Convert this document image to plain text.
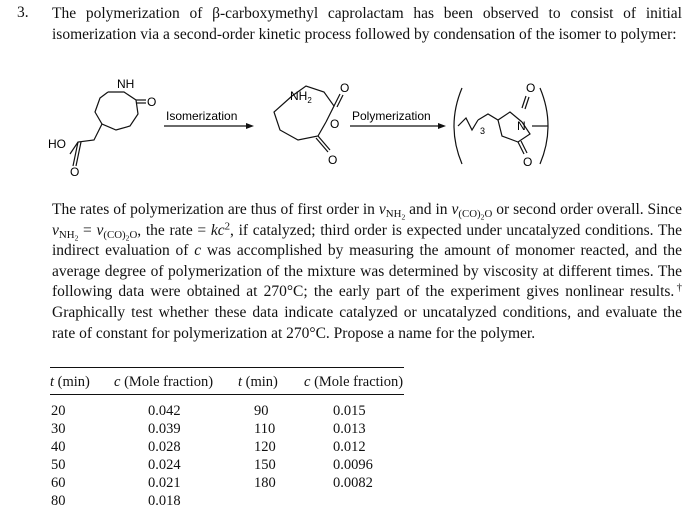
3. The polymerization of β-carboxymethyl caprolactam has been observed to consist of initial isomerization via a second-order kinetic process followed by condensation of the isomer to polymer:
NH
O
HO
O
Isomerization
$NH_2$
O
O
O
Polymerization
O
N
O
3
The rates of polymerization are thus of first order in $\nu_{NH_2}$ and in $\nu_{(CO)_2O}$ or second order overall. Since $\nu_{NH_2} = \nu_{(CO)_2O}$, the rate = $kc^2$, if catalyzed; third order is expected under uncatalyzed conditions. The indirect evaluation of c was accomplished by measuring the amount of monomer reacted, and the average degree of polymerization of the mixture was determined by viscosity at different times. The following data were obtained at 270°C; the early part of the experiment gives nonlinear results.† Graphically test whether these data indicate catalyzed or uncatalyzed conditions, and evaluate the rate of constant for polymerization at 270°C. Propose a name for the polymer.
t (min) c (Mole fraction) t (min) c (Mole fraction)
20	0.042	90	0.015
30	0.039	110	0.013
40	0.028	120	0.012
50	0.024	150	0.0096
60	0.021	180	0.0082
80	0.018
